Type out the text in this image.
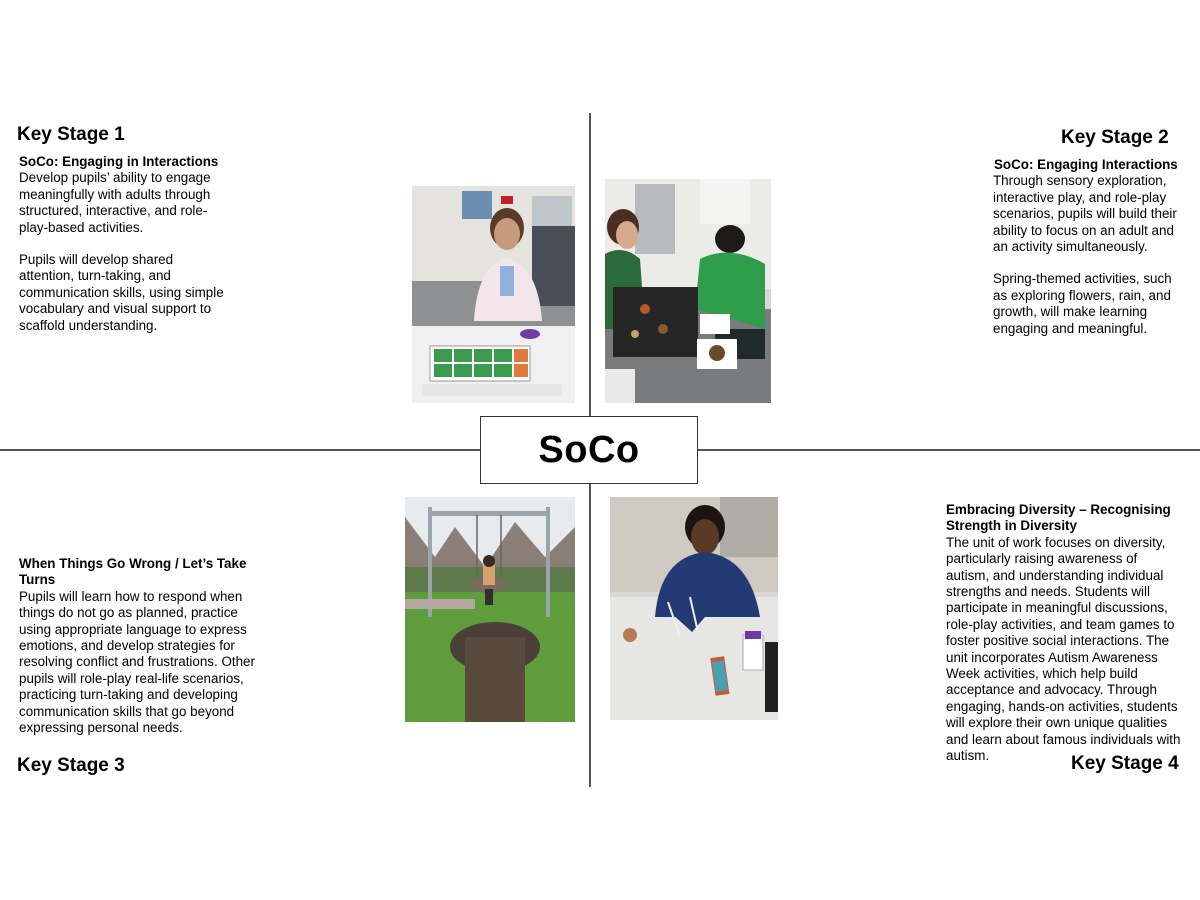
Key Stage 1
SoCo: Engaging in Interactions

Develop pupils’ ability to engage meaningfully with adults through structured, interactive, and role-play-based activities.

Pupils will develop shared attention, turn-taking, and communication skills, using simple vocabulary and visual support to scaffold understanding.

Key Stage 2
SoCo: Engaging Interactions

Through sensory exploration, interactive play, and role-play scenarios, pupils will build their ability to focus on an adult and an activity simultaneously.

Spring-themed activities, such as exploring flowers, rain, and growth, will make learning engaging and meaningful.

When Things Go Wrong / Let’s Take Turns

Pupils will learn how to respond when things do not go as planned, practice using appropriate language to express emotions, and develop strategies for resolving conflict and frustrations. Other pupils will role-play real-life scenarios, practicing turn-taking and developing communication skills that go beyond expressing personal needs.

Key Stage 3
Embracing Diversity – Recognising Strength in Diversity

The unit of work focuses on diversity, particularly raising awareness of autism, and understanding individual strengths and needs. Students will participate in meaningful discussions, role-play activities, and team games to foster positive social interactions. The unit incorporates Autism Awareness Week activities, which help build acceptance and advocacy. Through engaging, hands-on activities, students will explore their own unique qualities and learn about famous individuals with autism.	Key Stage 4
SoCo
